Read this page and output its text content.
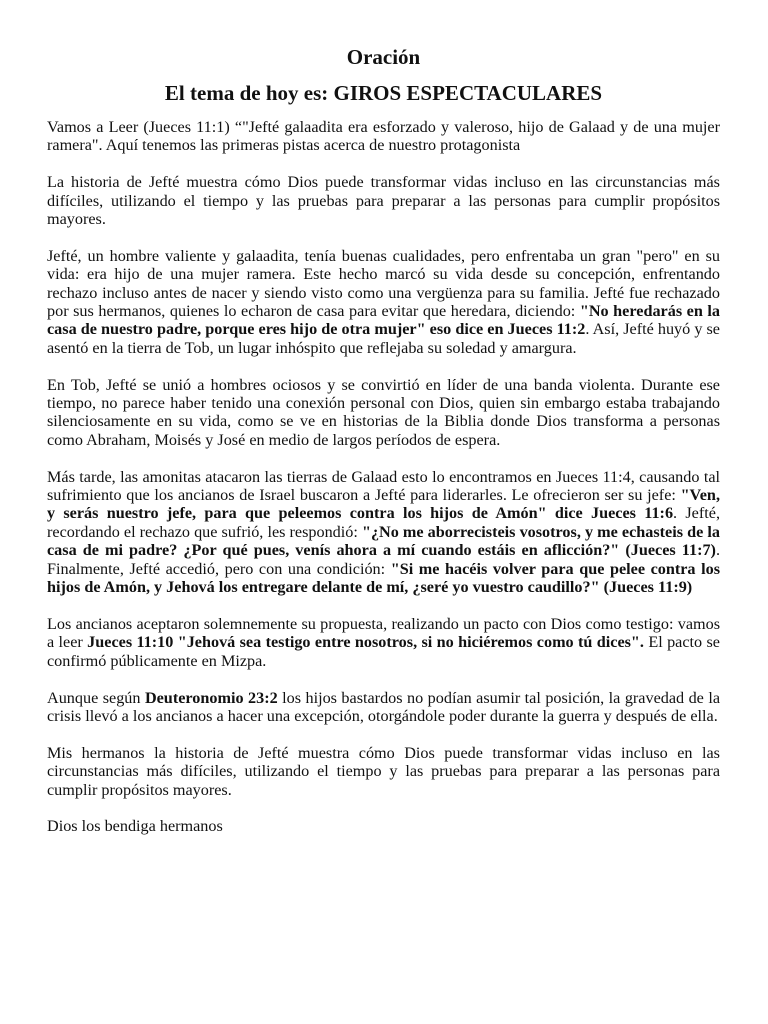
Oración
El tema de hoy es: GIROS ESPECTACULARES

Vamos a Leer (Jueces 11:1) “"Jefté galaadita era esforzado y valeroso, hijo de Galaad y de una mujer ramera". Aquí tenemos las primeras pistas acerca de nuestro protagonista

La historia de Jefté muestra cómo Dios puede transformar vidas incluso en las circunstancias más difíciles, utilizando el tiempo y las pruebas para preparar a las personas para cumplir propósitos mayores.

Jefté, un hombre valiente y galaadita, tenía buenas cualidades, pero enfrentaba un gran "pero" en su vida: era hijo de una mujer ramera. Este hecho marcó su vida desde su concepción, enfrentando rechazo incluso antes de nacer y siendo visto como una vergüenza para su familia. Jefté fue rechazado por sus hermanos, quienes lo echaron de casa para evitar que heredara, diciendo: "No heredarás en la casa de nuestro padre, porque eres hijo de otra mujer" eso dice en Jueces 11:2. Así, Jefté huyó y se asentó en la tierra de Tob, un lugar inhóspito que reflejaba su soledad y amargura.

En Tob, Jefté se unió a hombres ociosos y se convirtió en líder de una banda violenta. Durante ese tiempo, no parece haber tenido una conexión personal con Dios, quien sin embargo estaba trabajando silenciosamente en su vida, como se ve en historias de la Biblia donde Dios transforma a personas como Abraham, Moisés y José en medio de largos períodos de espera.

Más tarde, las amonitas atacaron las tierras de Galaad esto lo encontramos en Jueces 11:4, causando tal sufrimiento que los ancianos de Israel buscaron a Jefté para liderarles. Le ofrecieron ser su jefe: "Ven, y serás nuestro jefe, para que peleemos contra los hijos de Amón" dice Jueces 11:6. Jefté, recordando el rechazo que sufrió, les respondió: "¿No me aborrecisteis vosotros, y me echasteis de la casa de mi padre? ¿Por qué pues, venís ahora a mí cuando estáis en aflicción?" (Jueces 11:7). Finalmente, Jefté accedió, pero con una condición: "Si me hacéis volver para que pelee contra los hijos de Amón, y Jehová los entregare delante de mí, ¿seré yo vuestro caudillo?" (Jueces 11:9)

Los ancianos aceptaron solemnemente su propuesta, realizando un pacto con Dios como testigo: vamos a leer Jueces 11:10 "Jehová sea testigo entre nosotros, si no hiciéremos como tú dices". El pacto se confirmó públicamente en Mizpa.

Aunque según Deuteronomio 23:2 los hijos bastardos no podían asumir tal posición, la gravedad de la crisis llevó a los ancianos a hacer una excepción, otorgándole poder durante la guerra y después de ella.

Mis hermanos la historia de Jefté muestra cómo Dios puede transformar vidas incluso en las circunstancias más difíciles, utilizando el tiempo y las pruebas para preparar a las personas para cumplir propósitos mayores.

Dios los bendiga hermanos
